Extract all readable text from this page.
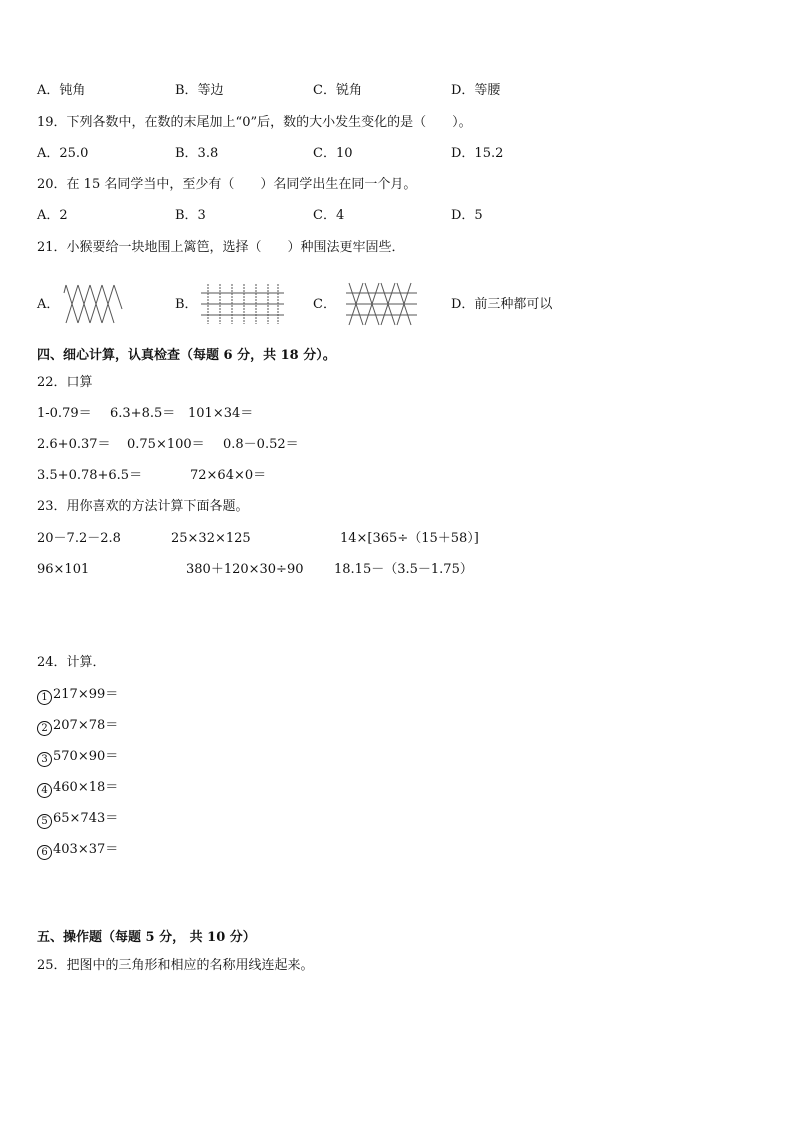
A．钝角	B．等边	C．锐角	D．等腰
19．下列各数中，在数的末尾加上“0”后，数的大小发生变化的是（　　）。
A．25.0	B．3.8	C．10	D．15.2
20．在 15 名同学当中，至少有（　　）名同学出生在同一个月。
A．2	B．3	C．4	D．5
21．小猴要给一块地围上篱笆，选择（　　）种围法更牢固些．
A．	B．	C．	D．前三种都可以
四、细心计算，认真检查（每题 6 分，共 18 分）。
22．口算
1-0.79＝ 6.3+8.5＝ 101×34＝
2.6+0.37＝ 0.75×100＝ 0.8－0.52＝
3.5+0.78+6.5＝	72×64×0＝
23．用你喜欢的方法计算下面各题。
20－7.2－2.8	25×32×125	14×[365÷（15＋58）]
96×101	380＋120×30÷90 18.15－（3.5－1.75）
24．计算．
1 217×99＝
2 207×78＝
3 570×90＝
4 460×18＝
5 65×743＝
6 403×37＝
五、操作题（每题 5 分， 共 10 分）
25．把图中的三角形和相应的名称用线连起来。
